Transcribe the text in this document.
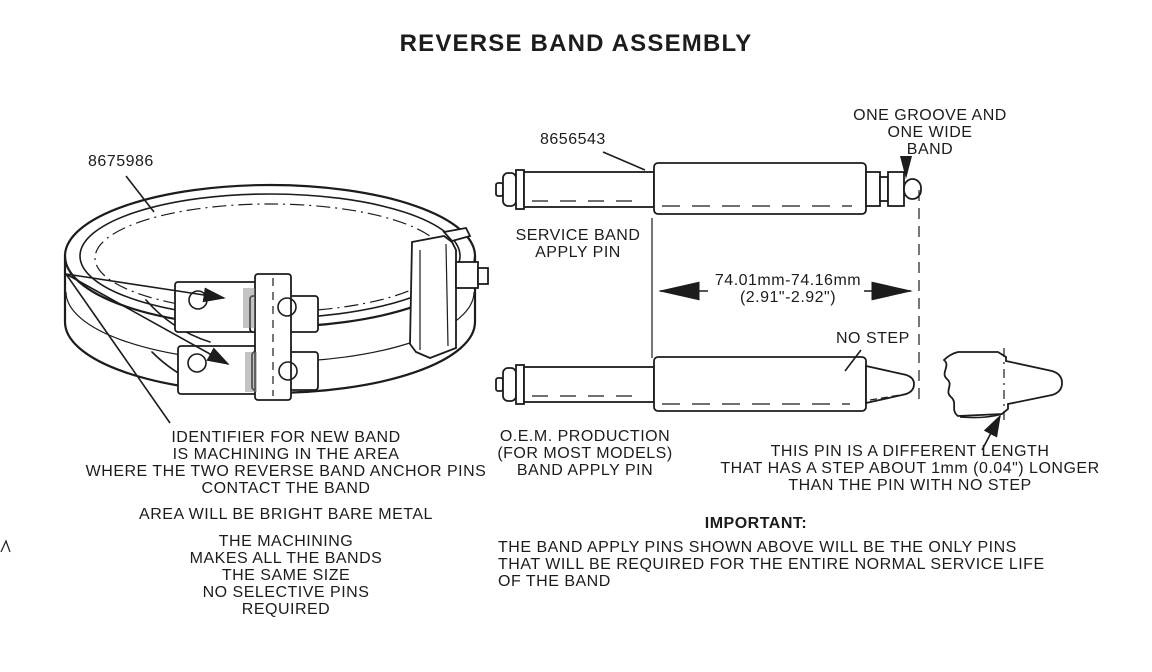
REVERSE BAND ASSEMBLY
8675986
8656543
ONE GROOVE AND
ONE WIDE
BAND
SERVICE BAND
APPLY PIN
74.01mm-74.16mm
(2.91"-2.92")
NO STEP
O.E.M. PRODUCTION
(FOR MOST MODELS)
BAND APPLY PIN
THIS PIN IS A DIFFERENT LENGTH
THAT HAS A STEP ABOUT 1mm (0.04") LONGER
THAN THE PIN WITH NO STEP
IDENTIFIER FOR NEW BAND
IS MACHINING IN THE AREA
WHERE THE TWO REVERSE BAND ANCHOR PINS
CONTACT THE BAND
AREA WILL BE BRIGHT BARE METAL
THE MACHINING
MAKES ALL THE BANDS
THE SAME SIZE
NO SELECTIVE PINS
REQUIRED
IMPORTANT:
THE BAND APPLY PINS SHOWN ABOVE WILL BE THE ONLY PINS
THAT WILL BE REQUIRED FOR THE ENTIRE NORMAL SERVICE LIFE
OF THE BAND
